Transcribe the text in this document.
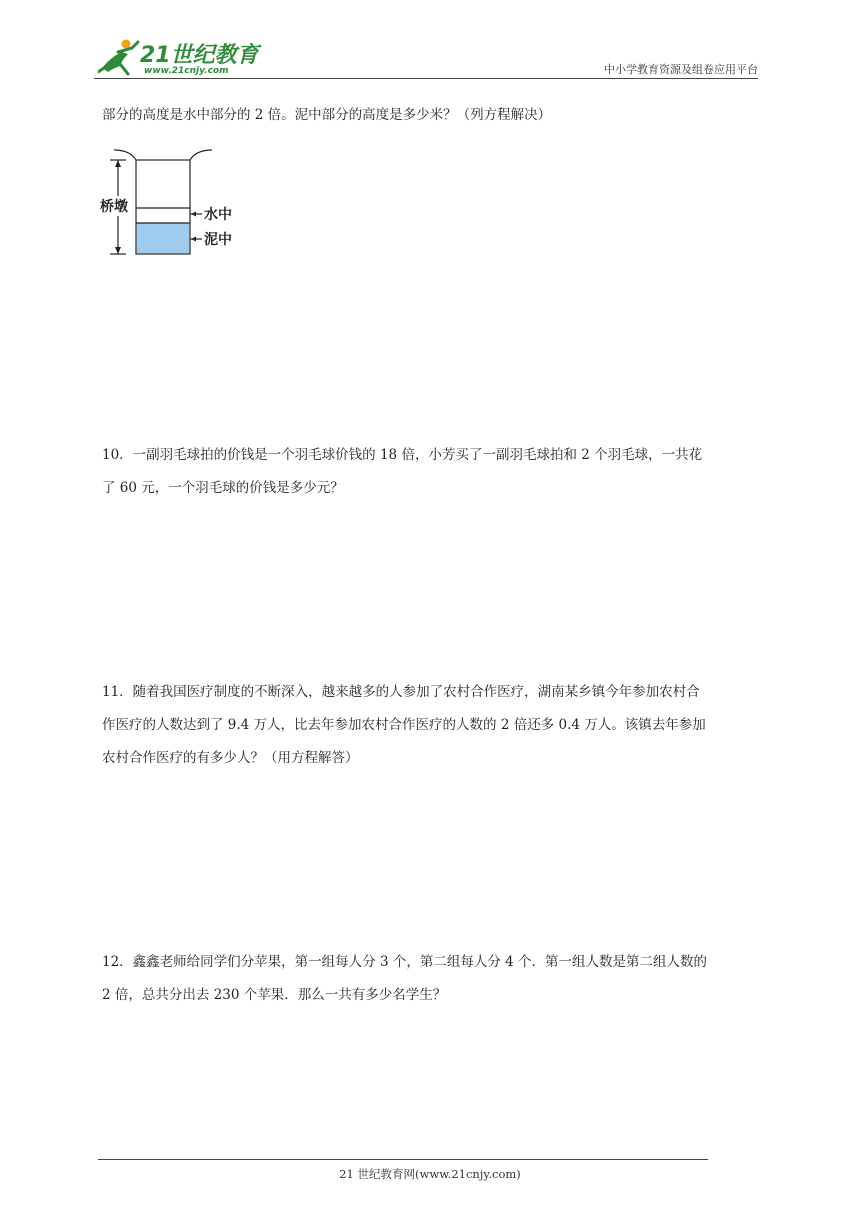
21世纪教育
www.21cnjy.com	中小学教育资源及组卷应用平台
部分的高度是水中部分的 2 倍。泥中部分的高度是多少米？（列方程解决）
桥墩	水中
泥中
10．一副羽毛球拍的价钱是一个羽毛球价钱的 18 倍，小芳买了一副羽毛球拍和 2 个羽毛球，一共花
了 60 元，一个羽毛球的价钱是多少元？
11．随着我国医疗制度的不断深入，越来越多的人参加了农村合作医疗，湖南某乡镇今年参加农村合
作医疗的人数达到了 9.4 万人，比去年参加农村合作医疗的人数的 2 倍还多 0.4 万人。该镇去年参加
农村合作医疗的有多少人？（用方程解答）
12．鑫鑫老师给同学们分苹果，第一组每人分 3 个，第二组每人分 4 个．第一组人数是第二组人数的
2 倍，总共分出去 230 个苹果．那么一共有多少名学生？
21 世纪教育网(www.21cnjy.com)
